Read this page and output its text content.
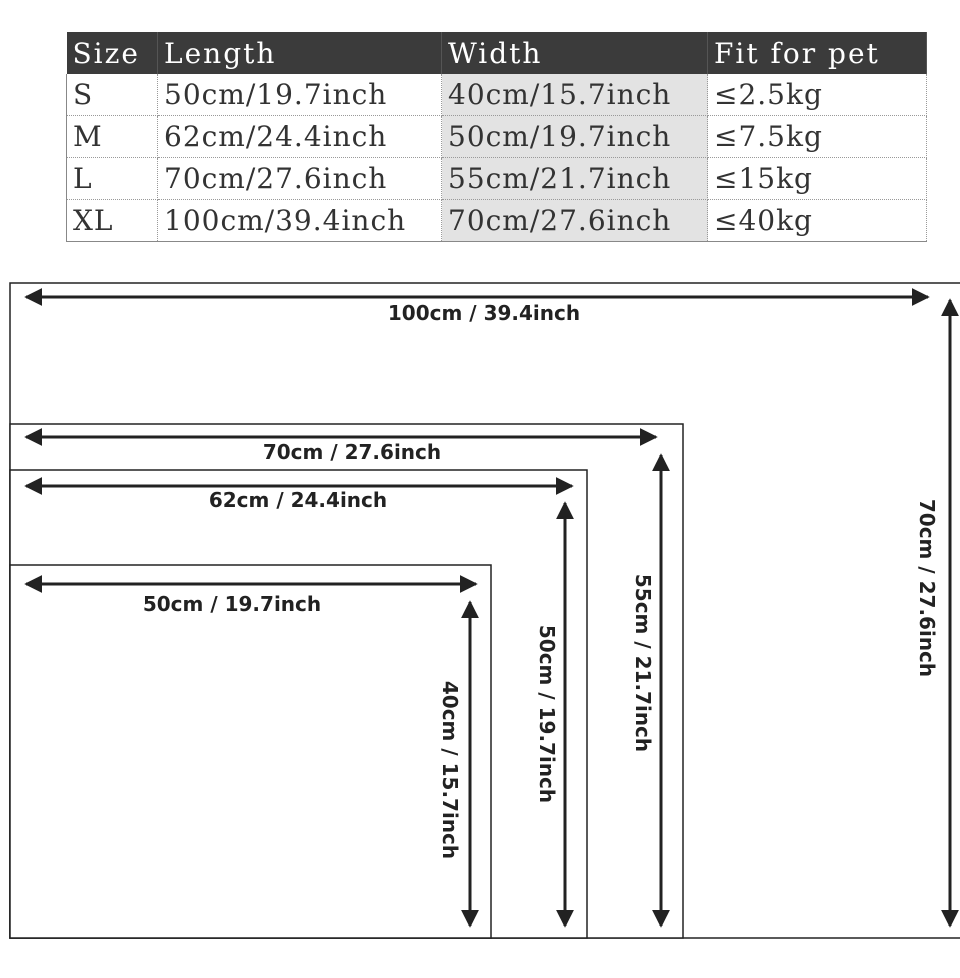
Size	Length	Width	Fit for pet
S	50cm/19.7inch	40cm/15.7inch	≤2.5kg
M	62cm/24.4inch	50cm/19.7inch	≤7.5kg
L	70cm/27.6inch	55cm/21.7inch	≤15kg
XL	100cm/39.4inch	70cm/27.6inch	≤40kg
100cm / 39.4inch
70cm / 27.6inch
70cm / 27.6inch
55cm / 21.7inch
62cm / 24.4inch
50cm / 19.7inch
50cm / 19.7inch
40cm / 15.7inch
